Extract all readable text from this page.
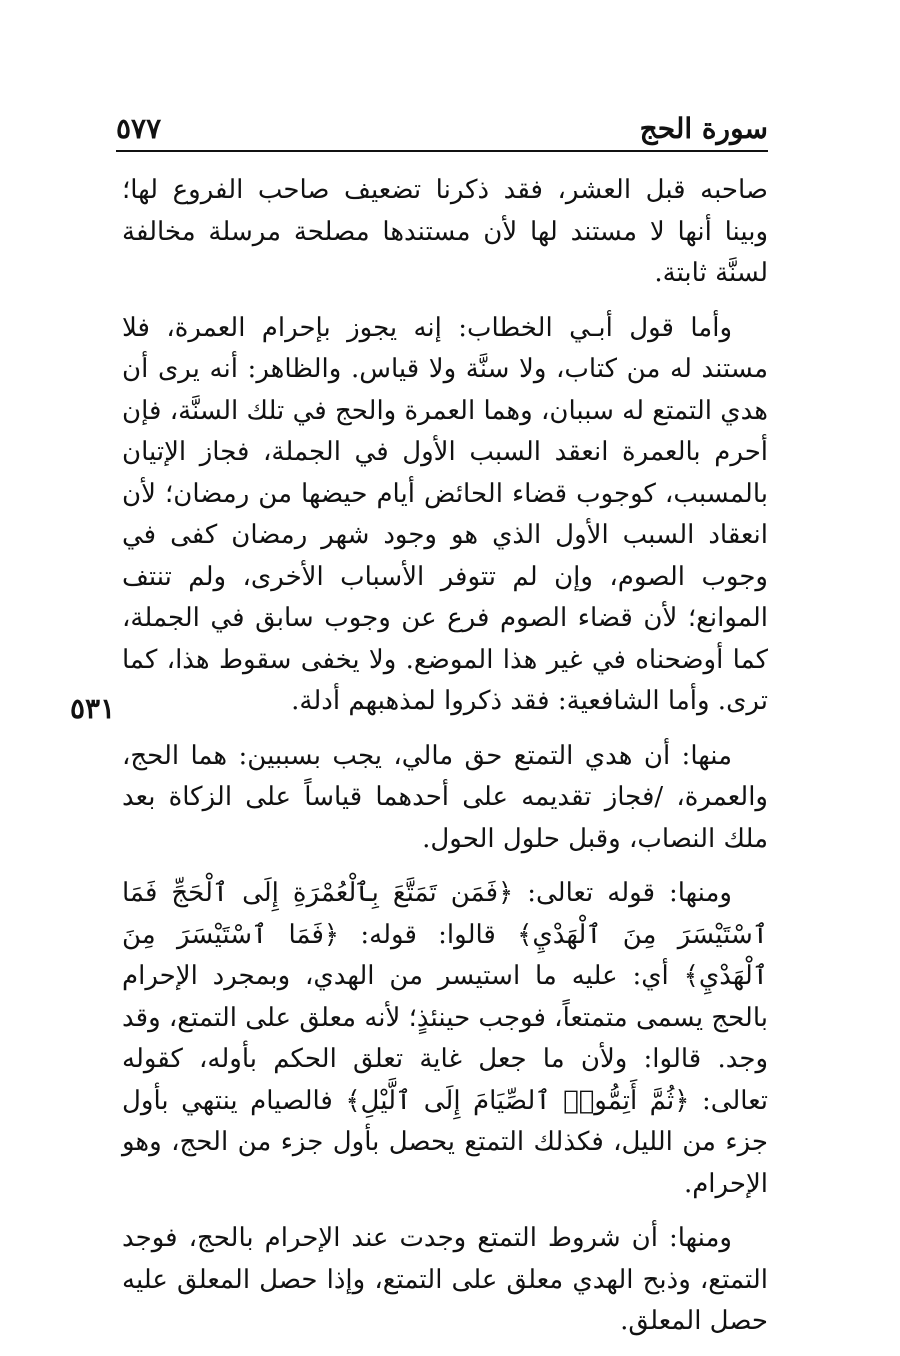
سورة الحج
٥٧٧
٥٣١

صاحبه قبل العشر، فقد ذكرنا تضعيف صاحب الفروع لها؛ وبينا أنها لا مستند لها لأن مستندها مصلحة مرسلة مخالفة لسنَّة ثابتة.

وأما قول أبـي الخطاب: إنه يجوز بإحرام العمرة، فلا مستند له من كتاب، ولا سنَّة ولا قياس. والظاهر: أنه يرى أن هدي التمتع له سببان، وهما العمرة والحج في تلك السنَّة، فإن أحرم بالعمرة انعقد السبب الأول في الجملة، فجاز الإتيان بالمسبب، كوجوب قضاء الحائض أيام حيضها من رمضان؛ لأن انعقاد السبب الأول الذي هو وجود شهر رمضان كفى في وجوب الصوم، وإن لم تتوفر الأسباب الأخرى، ولم تنتف الموانع؛ لأن قضاء الصوم فرع عن وجوب سابق في الجملة، كما أوضحناه في غير هذا الموضع. ولا يخفى سقوط هذا، كما ترى. وأما الشافعية: فقد ذكروا لمذهبهم أدلة.

منها: أن هدي التمتع حق مالي، يجب بسببين: هما الحج، والعمرة، /فجاز تقديمه على أحدهما قياساً على الزكاة بعد ملك النصاب، وقبل حلول الحول.

ومنها: قوله تعالى: ﴿فَمَن تَمَتَّعَ بِٱلْعُمْرَةِ إِلَى ٱلْحَجِّ فَمَا ٱسْتَيْسَرَ مِنَ ٱلْهَدْيِ﴾ قالوا: قوله: ﴿فَمَا ٱسْتَيْسَرَ مِنَ ٱلْهَدْيِ﴾ أي: عليه ما استيسر من الهدي، وبمجرد الإحرام بالحج يسمى متمتعاً، فوجب حينئذٍ؛ لأنه معلق على التمتع، وقد وجد. قالوا: ولأن ما جعل غاية تعلق الحكم بأوله، كقوله تعالى: ﴿ثُمَّ أَتِمُّوا۟ ٱلصِّيَامَ إِلَى ٱلَّيْلِ﴾ فالصيام ينتهي بأول جزء من الليل، فكذلك التمتع يحصل بأول جزء من الحج، وهو الإحرام.

ومنها: أن شروط التمتع وجدت عند الإحرام بالحج، فوجد التمتع، وذبح الهدي معلق على التمتع، وإذا حصل المعلق عليه حصل المعلق.
